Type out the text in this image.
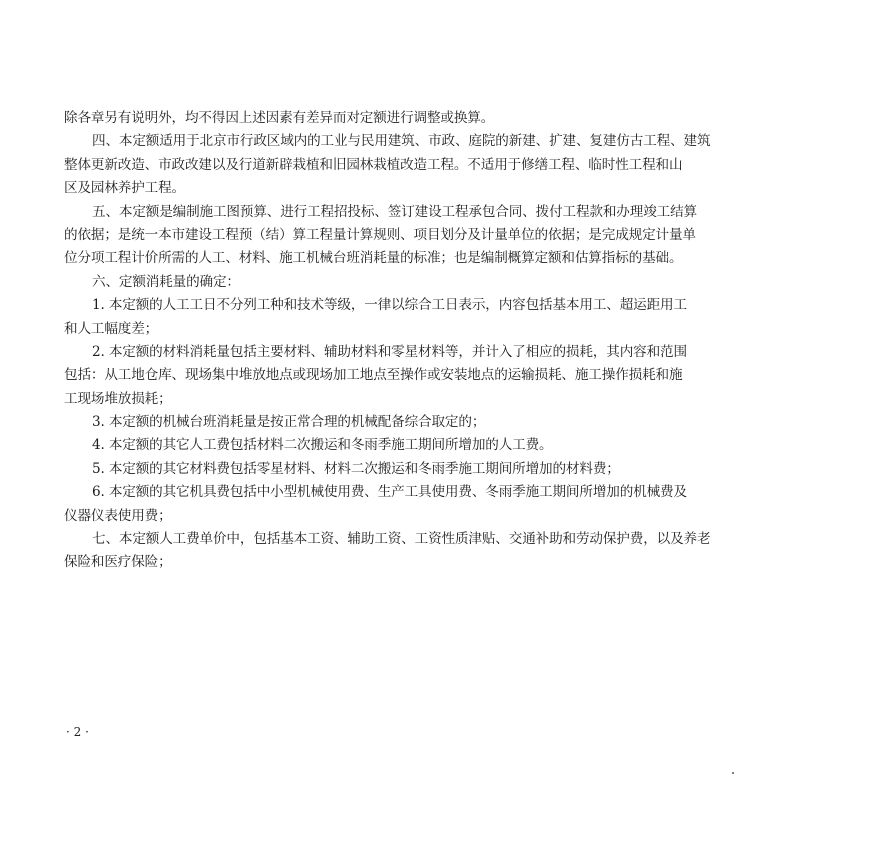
除各章另有说明外，均不得因上述因素有差异而对定额进行调整或换算。
四、本定额适用于北京市行政区域内的工业与民用建筑、市政、庭院的新建、扩建、复建仿古工程、建筑
整体更新改造、市政改建以及行道新辟栽植和旧园林栽植改造工程。不适用于修缮工程、临时性工程和山
区及园林养护工程。
五、本定额是编制施工图预算、进行工程招投标、签订建设工程承包合同、拨付工程款和办理竣工结算
的依据；是统一本市建设工程预（结）算工程量计算规则、项目划分及计量单位的依据；是完成规定计量单
位分项工程计价所需的人工、材料、施工机械台班消耗量的标准；也是编制概算定额和估算指标的基础。
六、定额消耗量的确定：
1. 本定额的人工工日不分列工种和技术等级，一律以综合工日表示，内容包括基本用工、超运距用工
和人工幅度差；
2. 本定额的材料消耗量包括主要材料、辅助材料和零星材料等，并计入了相应的损耗，其内容和范围
包括：从工地仓库、现场集中堆放地点或现场加工地点至操作或安装地点的运输损耗、施工操作损耗和施
工现场堆放损耗；
3. 本定额的机械台班消耗量是按正常合理的机械配备综合取定的；
4. 本定额的其它人工费包括材料二次搬运和冬雨季施工期间所增加的人工费。
5. 本定额的其它材料费包括零星材料、材料二次搬运和冬雨季施工期间所增加的材料费；
6. 本定额的其它机具费包括中小型机械使用费、生产工具使用费、冬雨季施工期间所增加的机械费及
仪器仪表使用费；
七、本定额人工费单价中，包括基本工资、辅助工资、工资性质津贴、交通补助和劳动保护费，以及养老
保险和医疗保险；
· 2 ·
